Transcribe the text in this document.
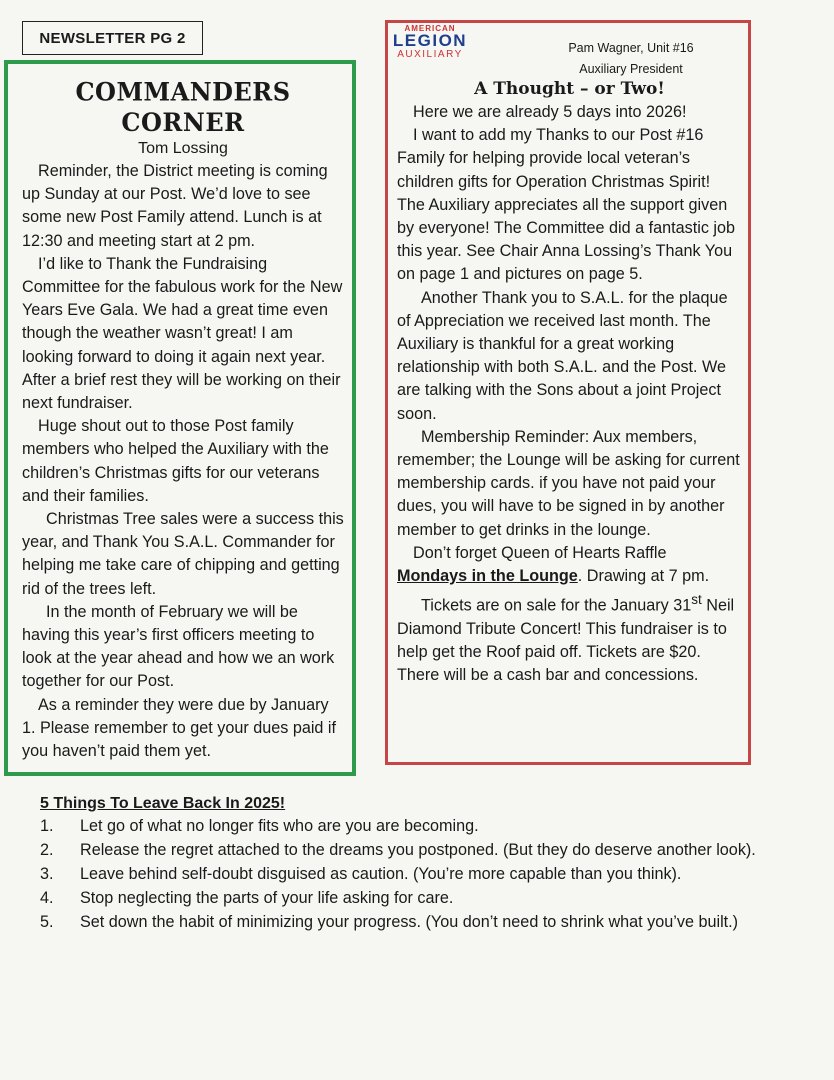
NEWSLETTER PG 2
COMMANDERS CORNER
Tom Lossing

Reminder, the District meeting is coming up Sunday at our Post. We’d love to see some new Post Family attend. Lunch is at 12:30 and meeting start at 2 pm.

I’d like to Thank the Fundraising Committee for the fabulous work for the New Years Eve Gala. We had a great time even though the weather wasn’t great! I am looking forward to doing it again next year. After a brief rest they will be working on their next fundraiser.

Huge shout out to those Post family members who helped the Auxiliary with the children’s Christmas gifts for our veterans and their families.

Christmas Tree sales were a success this year, and Thank You S.A.L. Commander for helping me take care of chipping and getting rid of the trees left.

In the month of February we will be having this year’s first officers meeting to look at the year ahead and how we an work together for our Post.

As a reminder they were due by January 1. Please remember to get your dues paid if you haven’t paid them yet.

AMERICAN
LEGION
AUXILIARY	Pam Wagner, Unit #16
Auxiliary President
A Thought – or Two!

Here we are already 5 days into 2026!

I want to add my Thanks to our Post #16 Family for helping provide local veteran’s children gifts for Operation Christmas Spirit! The Auxiliary appreciates all the support given by everyone! The Committee did a fantastic job this year. See Chair Anna Lossing’s Thank You on page 1 and pictures on page 5.

Another Thank you to S.A.L. for the plaque of Appreciation we received last month. The Auxiliary is thankful for a great working relationship with both S.A.L. and the Post. We are talking with the Sons about a joint Project soon.

Membership Reminder: Aux members, remember; the Lounge will be asking for current membership cards. if you have not paid your dues, you will have to be signed in by another member to get drinks in the lounge.

Don’t forget Queen of Hearts Raffle

Mondays in the Lounge. Drawing at 7 pm.

Tickets are on sale for the January 31st Neil Diamond Tribute Concert! This fundraiser is to help get the Roof paid off. Tickets are $20. There will be a cash bar and concessions.

5 Things To Leave Back In 2025!
1. Let go of what no longer fits who are you are becoming.
2. Release the regret attached to the dreams you postponed. (But they do deserve another look).
3. Leave behind self-doubt disguised as caution. (You’re more capable than you think).
4. Stop neglecting the parts of your life asking for care.
5. Set down the habit of minimizing your progress. (You don’t need to shrink what you’ve built.)
